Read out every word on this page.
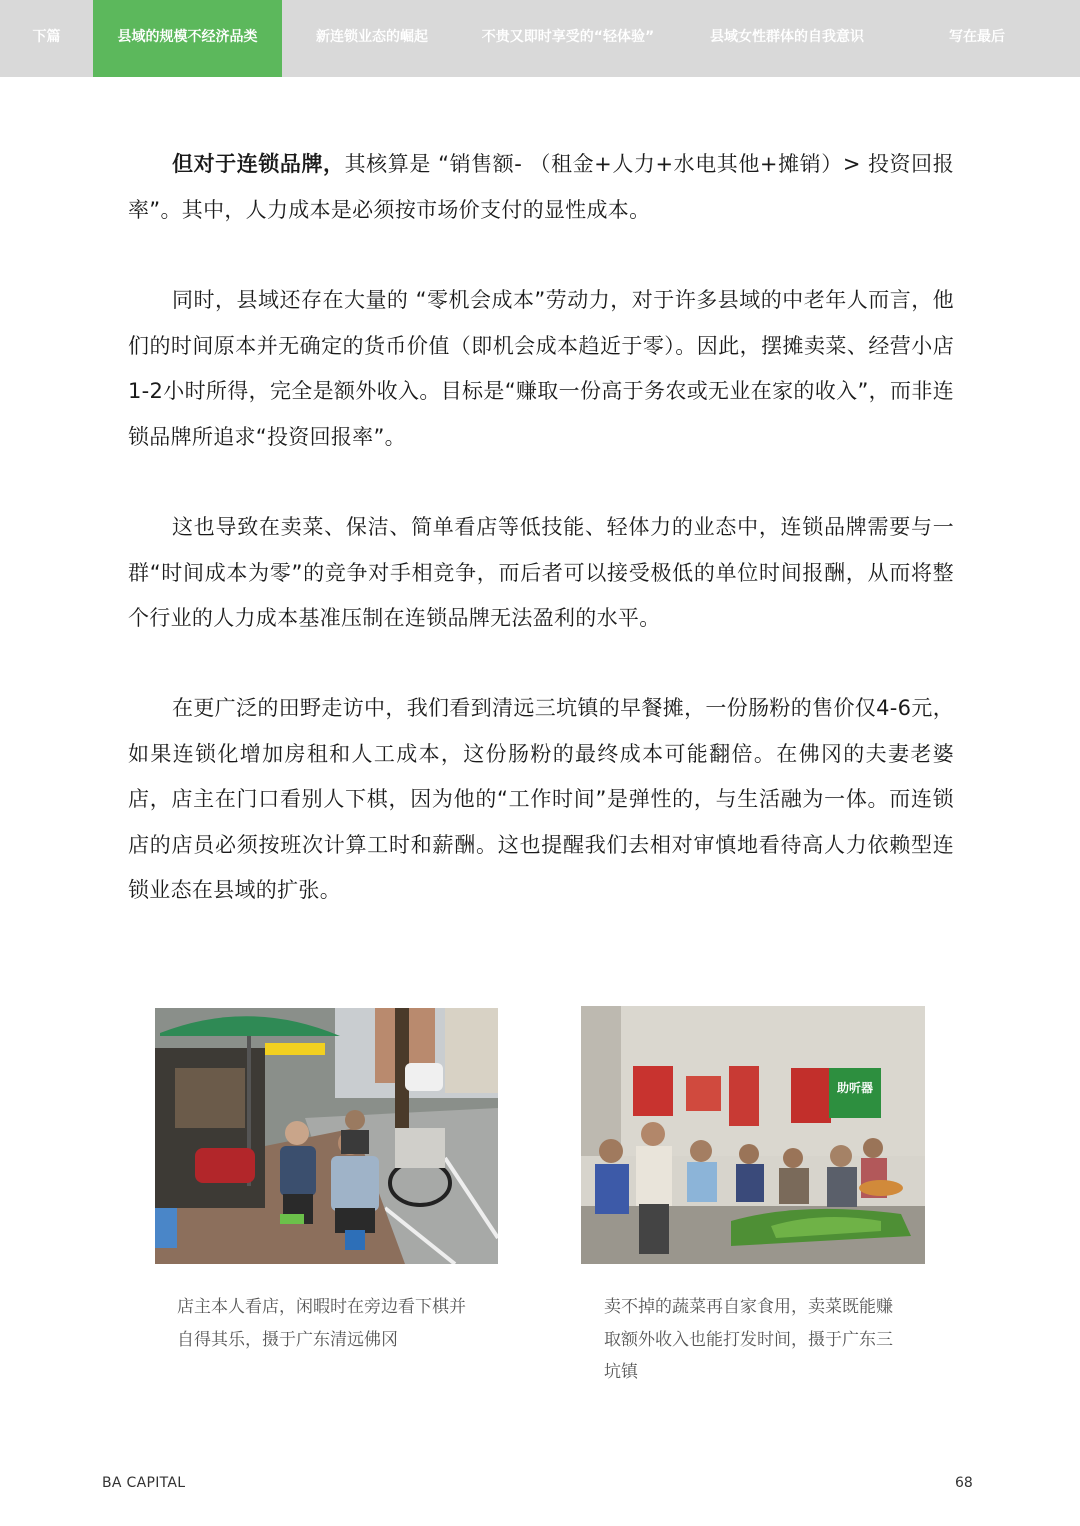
下篇	县域的规模不经济品类	新连锁业态的崛起	不贵又即时享受的“轻体验”	县域女性群体的自我意识	写在最后

但对于连锁品牌，其核算是 “销售额- （租金+人力+水电其他+摊销）> 投资回报率”。其中，人力成本是必须按市场价支付的显性成本。

同时，县域还存在大量的 “零机会成本”劳动力，对于许多县域的中老年人而言，他们的时间原本并无确定的货币价值（即机会成本趋近于零）。因此，摆摊卖菜、经营小店1-2小时所得，完全是额外收入。目标是“赚取一份高于务农或无业在家的收入”，而非连锁品牌所追求“投资回报率”。

这也导致在卖菜、保洁、简单看店等低技能、轻体力的业态中，连锁品牌需要与一群“时间成本为零”的竞争对手相竞争，而后者可以接受极低的单位时间报酬，从而将整个行业的人力成本基准压制在连锁品牌无法盈利的水平。

在更广泛的田野走访中，我们看到清远三坑镇的早餐摊，一份肠粉的售价仅4-6元，如果连锁化增加房租和人工成本，这份肠粉的最终成本可能翻倍。在佛冈的夫妻老婆店，店主在门口看别人下棋，因为他的“工作时间”是弹性的，与生活融为一体。而连锁店的店员必须按班次计算工时和薪酬。这也提醒我们去相对审慎地看待高人力依赖型连锁业态在县域的扩张。

助听器

店主本人看店，闲暇时在旁边看下棋并自得其乐，摄于广东清远佛冈

卖不掉的蔬菜再自家食用，卖菜既能赚取额外收入也能打发时间，摄于广东三坑镇

BA CAPITAL	68
